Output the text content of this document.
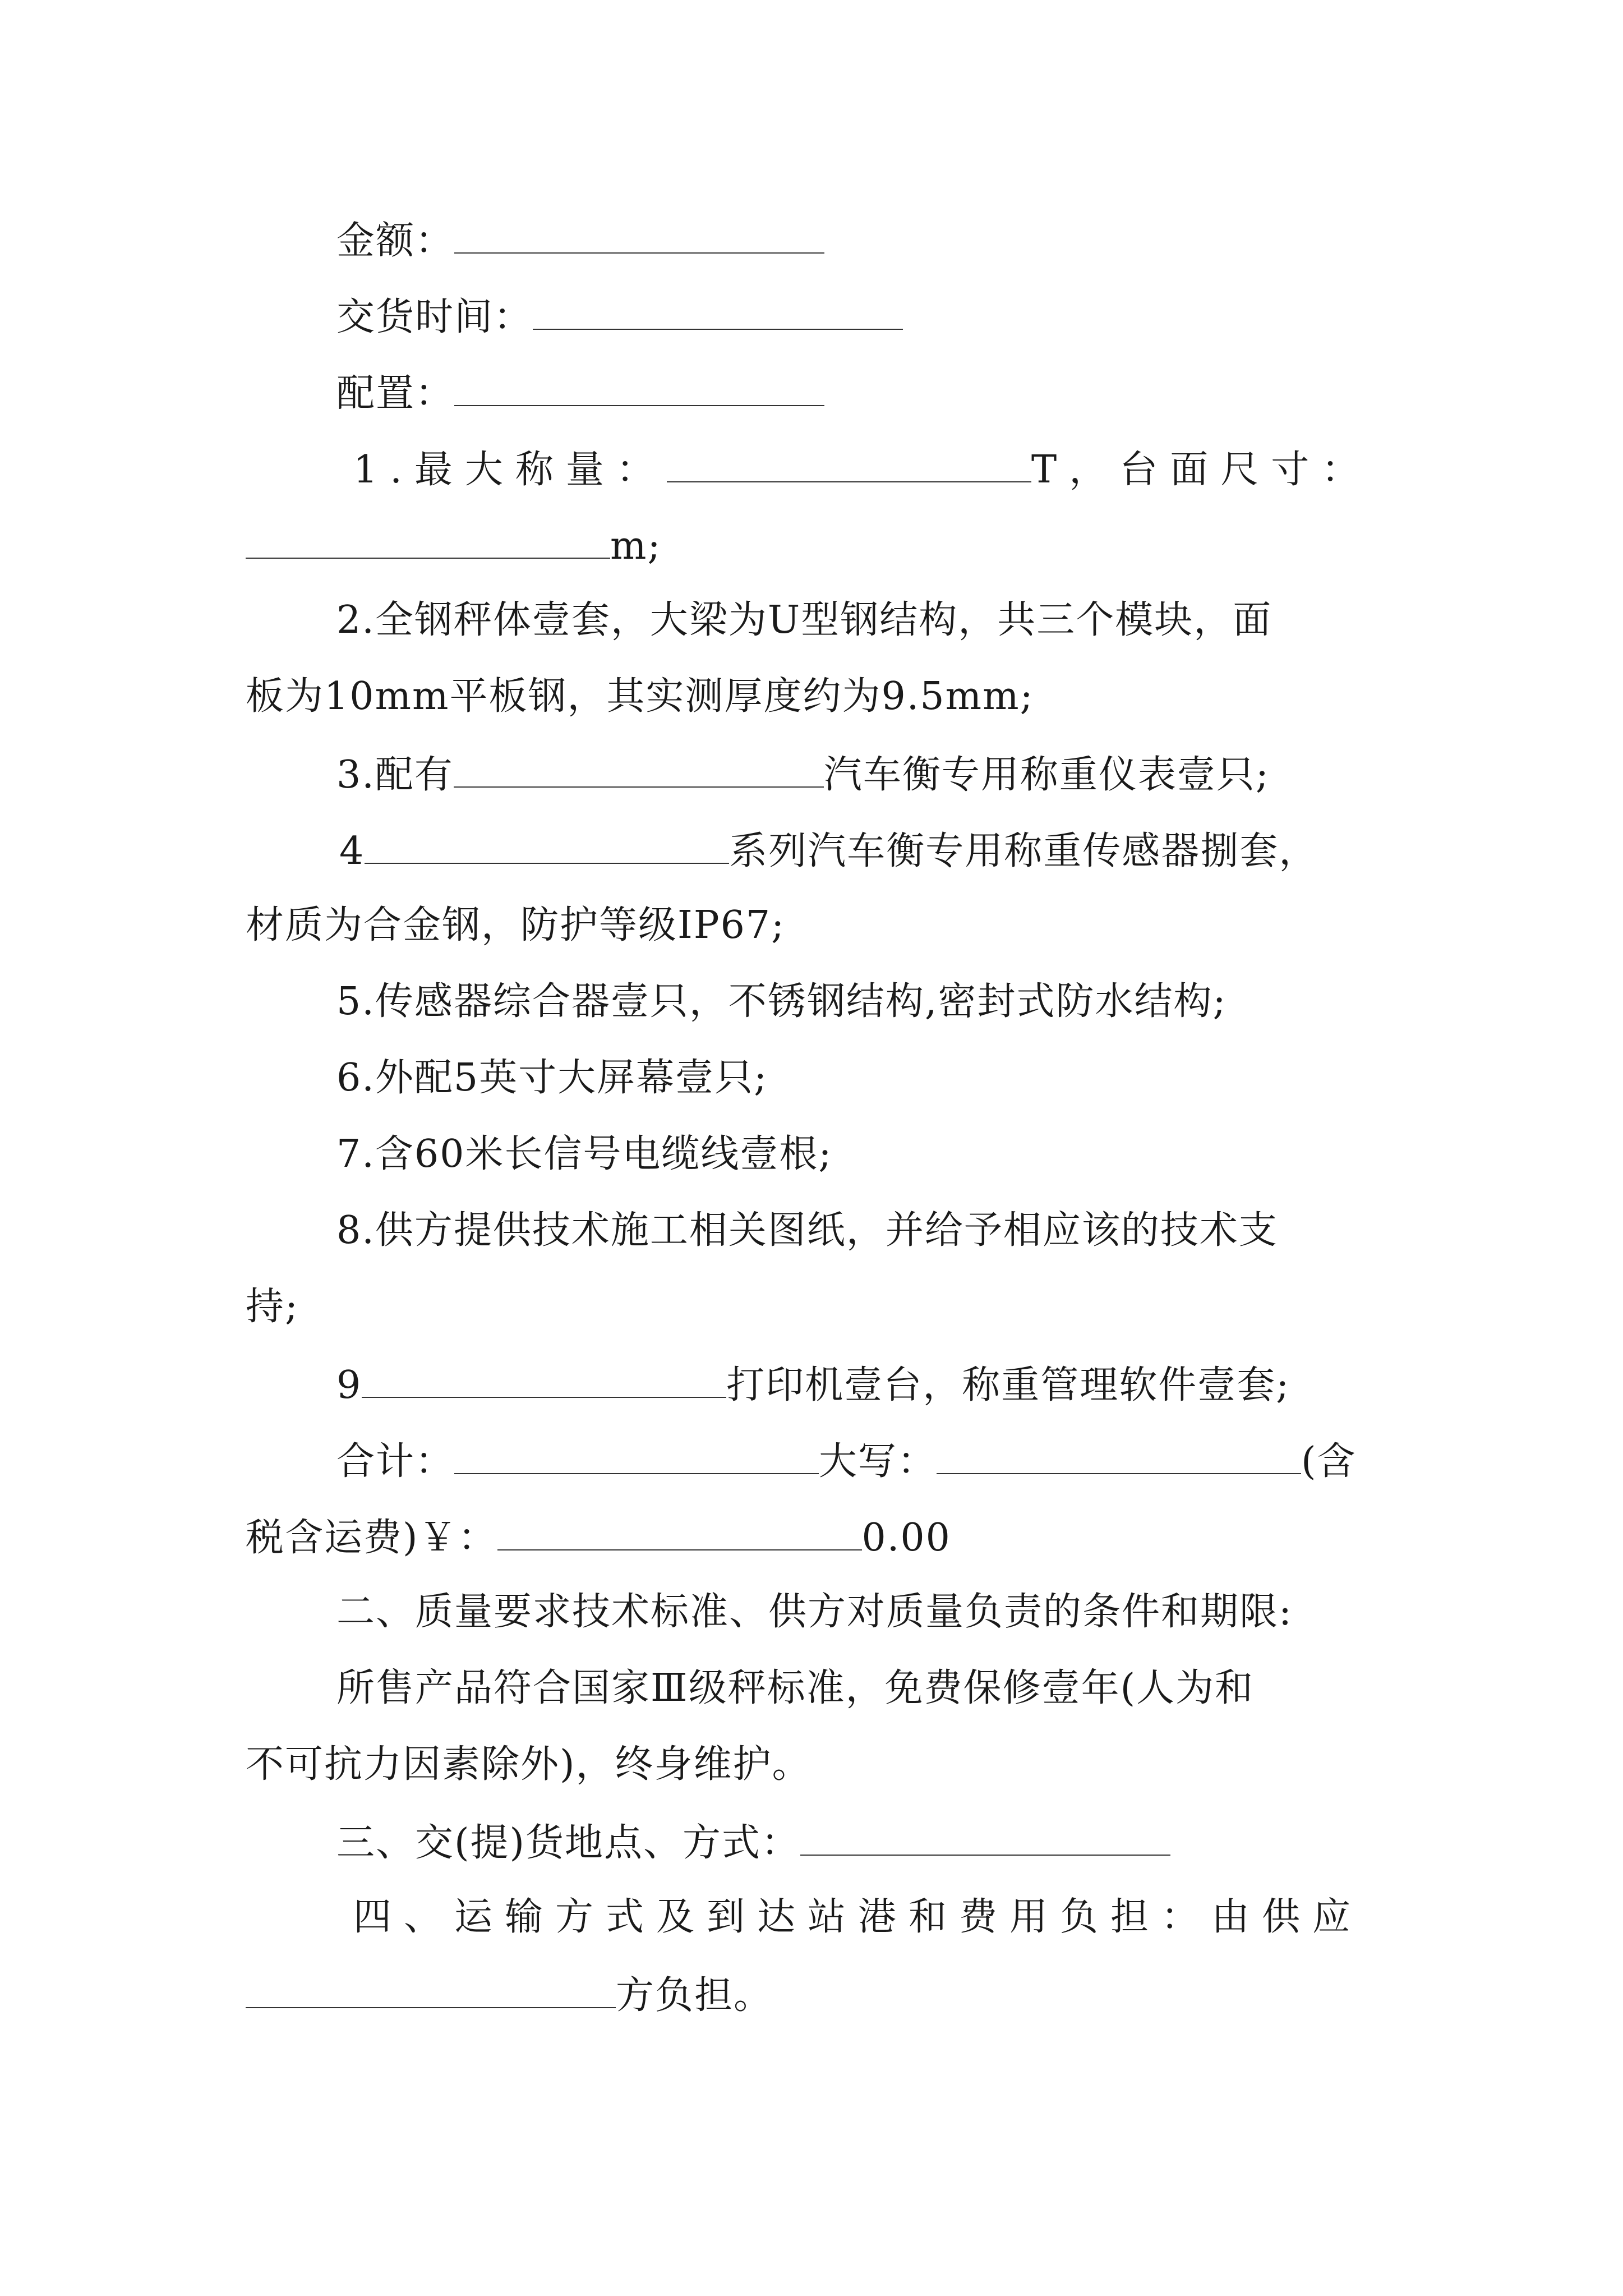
金额：
交货时间：
配置：
1.最大称量：	T，台面尺寸：
m;
2.全钢秤体壹套，大梁为U型钢结构，共三个模块，面
板为10mm平板钢，其实测厚度约为9.5mm;
3.配有	汽车衡专用称重仪表壹只;
4	系列汽车衡专用称重传感器捌套，
材质为合金钢，防护等级IP67;
5.传感器综合器壹只，不锈钢结构,密封式防水结构;
6.外配5英寸大屏幕壹只;
7.含60米长信号电缆线壹根;
8.供方提供技术施工相关图纸，并给予相应该的技术支
持;
9	打印机壹台，称重管理软件壹套;
合计：	大写：	(含
税含运费)￥：	0.00
二、质量要求技术标准、供方对质量负责的条件和期限:
所售产品符合国家Ⅲ级秤标准，免费保修壹年(人为和
不可抗力因素除外)，终身维护。
三、交(提)货地点、方式：
四、运输方式及到达站港和费用负担：由供应
方负担。
